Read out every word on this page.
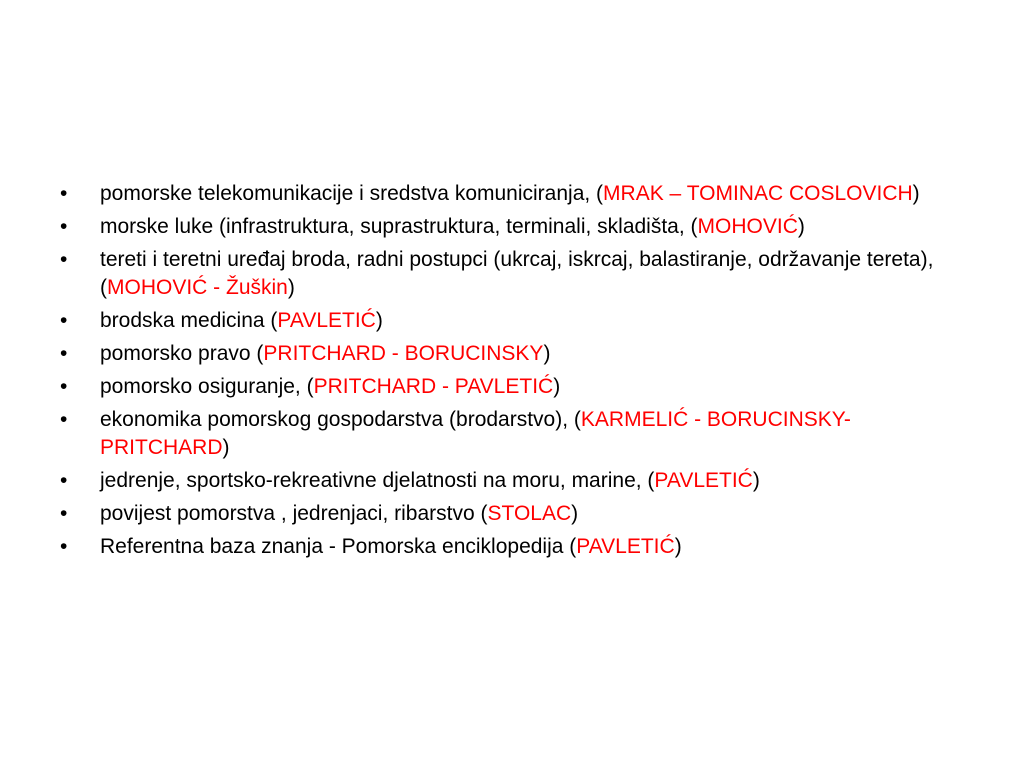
•	pomorske telekomunikacije i sredstva komuniciranja, (MRAK – TOMINAC COSLOVICH)
•	morske luke (infrastruktura, suprastruktura, terminali, skladišta, (MOHOVIĆ)
•	tereti i teretni uređaj broda, radni postupci (ukrcaj, iskrcaj, balastiranje, održavanje tereta), (MOHOVIĆ - Žuškin)
•	brodska medicina (PAVLETIĆ)
•	pomorsko pravo (PRITCHARD - BORUCINSKY)
•	pomorsko osiguranje, (PRITCHARD - PAVLETIĆ)
•	ekonomika pomorskog gospodarstva (brodarstvo), (KARMELIĆ - BORUCINSKY-PRITCHARD)
•	jedrenje, sportsko-rekreativne djelatnosti na moru, marine, (PAVLETIĆ)
•	povijest pomorstva , jedrenjaci, ribarstvo (STOLAC)
•	Referentna baza znanja - Pomorska enciklopedija (PAVLETIĆ)
